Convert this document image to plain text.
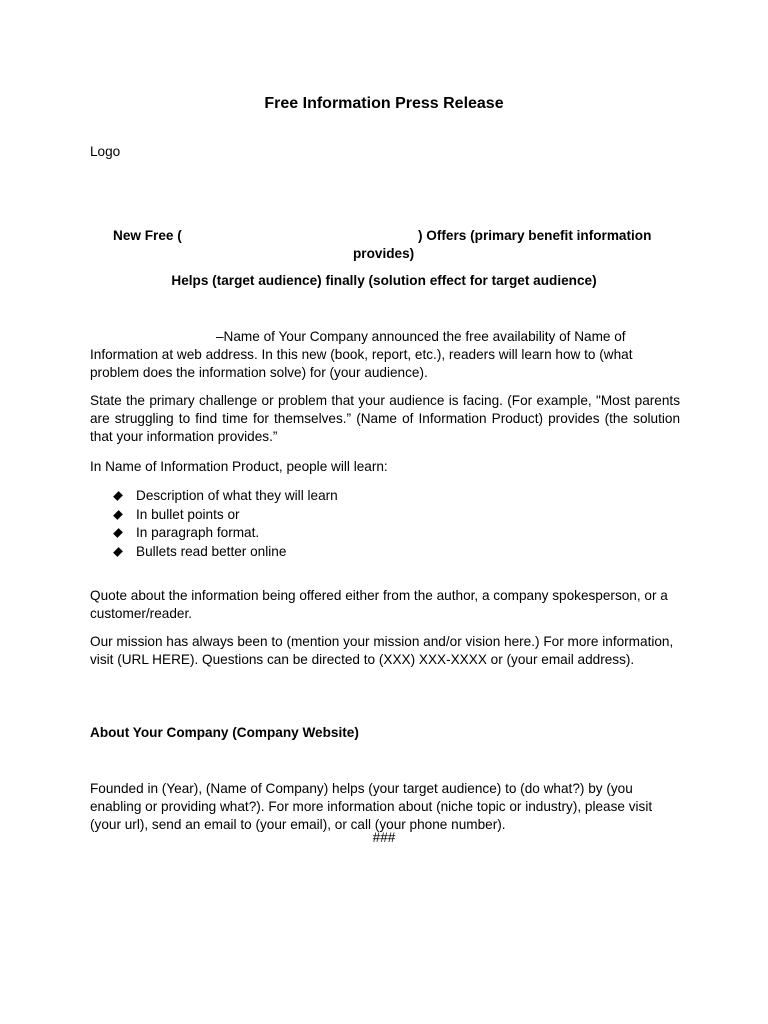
Free Information Press Release
Logo
New Free (	) Offers (primary benefit information
provides)
Helps (target audience) finally (solution effect for target audience)
–Name of Your Company announced the free availability of Name of
Information at web address. In this new (book, report, etc.), readers will learn how to (what problem does the information solve) for (your audience).
State the primary challenge or problem that your audience is facing. (For example, "Most parents are struggling to find time for themselves.” (Name of Information Product) provides (the solution that your information provides.”
In Name of Information Product, people will learn:
Description of what they will learn
In bullet points or
In paragraph format.
Bullets read better online
Quote about the information being offered either from the author, a company spokesperson, or a customer/reader.
Our mission has always been to (mention your mission and/or vision here.) For more information, visit (URL HERE). Questions can be directed to (XXX) XXX-XXXX or (your email address).
About Your Company (Company Website)
Founded in (Year), (Name of Company) helps (your target audience) to (do what?) by (you enabling or providing what?). For more information about (niche topic or industry), please visit (your url), send an email to (your email), or call (your phone number).
###
